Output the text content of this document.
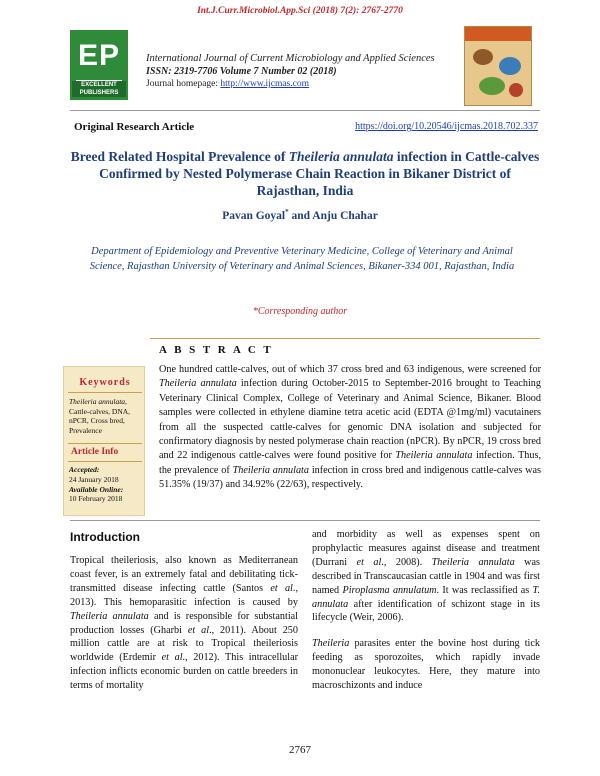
Int.J.Curr.Microbiol.App.Sci (2018) 7(2): 2767-2770
EP
EXCELLENT PUBLISHERS
International Journal of Current Microbiology and Applied Sciences
ISSN: 2319-7706 Volume 7 Number 02 (2018)
Journal homepage: http://www.ijcmas.com
Original Research Article	https://doi.org/10.20546/ijcmas.2018.702.337
Breed Related Hospital Prevalence of Theileria annulata infection in Cattle-calves Confirmed by Nested Polymerase Chain Reaction in Bikaner District of Rajasthan, India
Pavan Goyal* and Anju Chahar
Department of Epidemiology and Preventive Veterinary Medicine, College of Veterinary and Animal Science, Rajasthan University of Veterinary and Animal Sciences, Bikaner-334 001, Rajasthan, India
*Corresponding author
A B S T R A C T
Keywords
Theileria annulata, Cattle-calves, DNA, nPCR, Cross bred, Prevalence
Article Info
Accepted:
24 January 2018
Available Online:
10 February 2018
One hundred cattle-calves, out of which 37 cross bred and 63 indigenous, were screened for Theileria annulata infection during October-2015 to September-2016 brought to Teaching Veterinary Clinical Complex, College of Veterinary and Animal Science, Bikaner. Blood samples were collected in ethylene diamine tetra acetic acid (EDTA @1mg/ml) vacutainers from all the suspected cattle-calves for genomic DNA isolation and subjected for confirmatory diagnosis by nested polymerase chain reaction (nPCR). By nPCR, 19 cross bred and 22 indigenous cattle-calves were found positive for Theileria annulata infection. Thus, the prevalence of Theileria annulata infection in cross bred and indigenous cattle-calves was 51.35% (19/37) and 34.92% (22/63), respectively.
Introduction

Tropical theileriosis, also known as Mediterranean coast fever, is an extremely fatal and debilitating tick-transmitted disease infecting cattle (Santos et al., 2013). This hemoparasitic infection is caused by Theileria annulata and is responsible for substantial production losses (Gharbi et al., 2011). About 250 million cattle are at risk to Tropical theileriosis worldwide (Erdemir et al., 2012). This intracellular infection inflicts economic burden on cattle breeders in terms of mortality

and morbidity as well as expenses spent on prophylactic measures against disease and treatment (Durrani et al., 2008). Theileria annulata was described in Transcaucasian cattle in 1904 and was first named Piroplasma annulatum. It was reclassified as T. annulata after identification of schizont stage in its lifecycle (Weir, 2006).

Theileria parasites enter the bovine host during tick feeding as sporozoites, which rapidly invade mononuclear leukocytes. Here, they mature into macroschizonts and induce

2767
